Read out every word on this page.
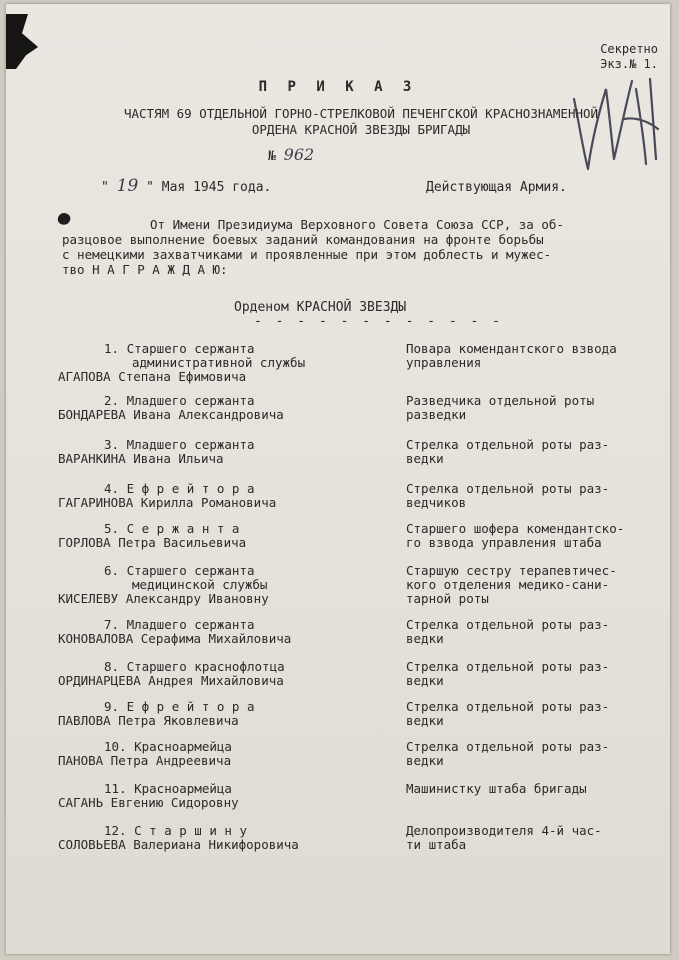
Секретно
Экз.№ 1.
П Р И К А З
ЧАСТЯМ 69 ОТДЕЛЬНОЙ ГОРНО-СТРЕЛКОВОЙ ПЕЧЕНГСКОЙ КРАСНОЗНАМЕННОЙ
ОРДЕНА КРАСНОЙ ЗВЕЗДЫ БРИГАДЫ
№ 962
" 19 " Мая 1945 года.	Действующая Армия.
От Имени Президиума Верховного Совета Союза ССР, за об-
разцовое выполнение боевых заданий командования на фронте борьбы
с немецкими захватчиками и проявленные при этом доблесть и мужес-
тво Н А Г Р А Ж Д А Ю:
Орденом КРАСНОЙ ЗВЕЗДЫ
- - - - - - - - - - - -
1. Старшего сержанта
административной службы
АГАПОВА Степана Ефимовича
Повара комендантского взвода
управления
2. Младшего сержанта
БОНДАРЕВА Ивана Александровича
Разведчика отдельной роты
разведки
3. Младшего сержанта
ВАРАНКИНА Ивана Ильича
Стрелка отдельной роты раз-
ведки
4. Е ф р е й т о р а
ГАГАРИНОВА Кирилла Романовича
Стрелка отдельной роты раз-
ведчиков
5. С е р ж а н т а
ГОРЛОВА Петра Васильевича
Старшего шофера комендантско-
го взвода управления штаба
6. Старшего сержанта
медицинской службы
КИСЕЛЕВУ Александру Ивановну
Старшую сестру терапевтичес-
кого отделения медико-сани-
тарной роты
7. Младшего сержанта
КОНОВАЛОВА Серафима Михайловича
Стрелка отдельной роты раз-
ведки
8. Старшего краснофлотца
ОРДИНАРЦЕВА Андрея Михайловича
Стрелка отдельной роты раз-
ведки
9. Е ф р е й т о р а
ПАВЛОВА Петра Яковлевича
Стрелка отдельной роты раз-
ведки
10. Красноармейца
ПАНОВА Петра Андреевича
Стрелка отдельной роты раз-
ведки
11. Красноармейца
САГАНЬ Евгению Сидоровну
Машинистку штаба бригады
12. С т а р ш и н у
СОЛОВЬЕВА Валериана Никифоровича
Делопроизводителя 4-й час-
ти штаба
